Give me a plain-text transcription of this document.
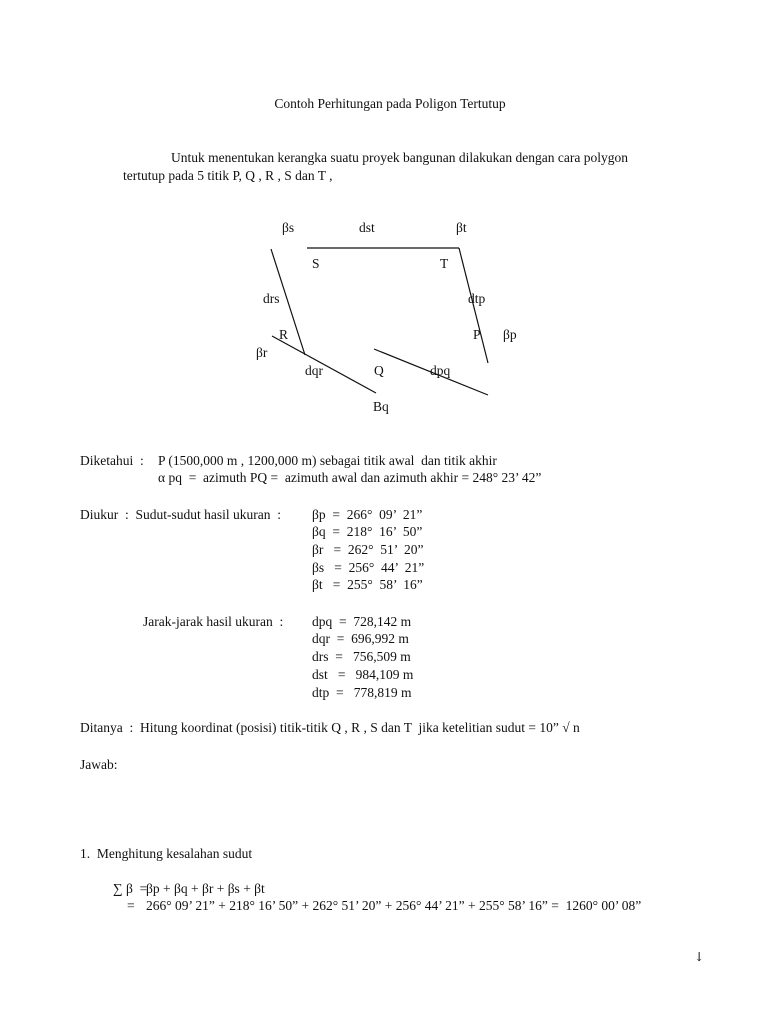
Contoh Perhitungan pada Poligon Tertutup
Untuk menentukan kerangka suatu proyek bangunan dilakukan dengan cara polygon
tertutup pada 5 titik P, Q , R , S dan T ,
βs	dst	βt
S	T
drs	dtp
R	P βp
βr
dqr	Q	dpq
Bq
Diketahui  : P (1500,000 m , 1200,000 m) sebagai titik awal  dan titik akhir
α pq  =  azimuth PQ =  azimuth awal dan azimuth akhir = 248° 23’ 42”
Diukur  :  Sudut-sudut hasil ukuran  : βp  =  266°  09’  21”
βq  =  218°  16’  50”
βr   =  262°  51’  20”
βs   =  256°  44’  21”
βt   =  255°  58’  16”
Jarak-jarak hasil ukuran  : dpq  =  728,142 m
dqr  =  696,992 m
drs  =   756,509 m
dst   =   984,109 m
dtp  =   778,819 m
Ditanya  :  Hitung koordinat (posisi) titik-titik Q , R , S dan T  jika ketelitian sudut = 10” √ n
Jawab:
1.  Menghitung kesalahan sudut
∑ β  =
βp + βq + βr + βs + βt
= 266° 09’ 21” + 218° 16’ 50” + 262° 51’ 20” + 256° 44’ 21” + 255° 58’ 16” =  1260° 00’ 08”
↓
